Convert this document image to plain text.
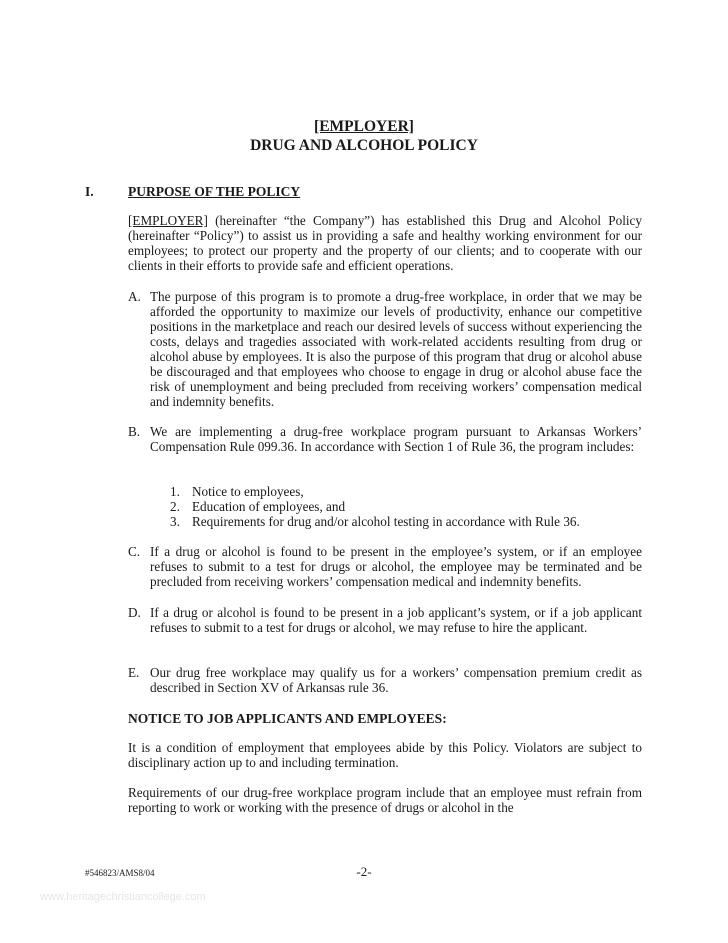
[EMPLOYER]
DRUG AND ALCOHOL POLICY
I.	PURPOSE OF THE POLICY

[EMPLOYER] (hereinafter “the Company”) has established this Drug and Alcohol Policy (hereinafter “Policy”) to assist us in providing a safe and healthy working environment for our employees; to protect our property and the property of our clients; and to cooperate with our clients in their efforts to provide safe and efficient operations.

A. The purpose of this program is to promote a drug-free workplace, in order that we may be afforded the opportunity to maximize our levels of productivity, enhance our competitive positions in the marketplace and reach our desired levels of success without experiencing the costs, delays and tragedies associated with work-related accidents resulting from drug or alcohol abuse by employees. It is also the purpose of this program that drug or alcohol abuse be discouraged and that employees who choose to engage in drug or alcohol abuse face the risk of unemployment and being precluded from receiving workers’ compensation medical and indemnity benefits.

B. We are implementing a drug-free workplace program pursuant to Arkansas Workers’ Compensation Rule 099.36. In accordance with Section 1 of Rule 36, the program includes:

1. Notice to employees,
2. Education of employees, and
3. Requirements for drug and/or alcohol testing in accordance with Rule 36.
C. If a drug or alcohol is found to be present in the employee’s system, or if an employee refuses to submit to a test for drugs or alcohol, the employee may be terminated and be precluded from receiving workers’ compensation medical and indemnity benefits.

D. If a drug or alcohol is found to be present in a job applicant’s system, or if a job applicant refuses to submit to a test for drugs or alcohol, we may refuse to hire the applicant.

E. Our drug free workplace may qualify us for a workers’ compensation premium credit as described in Section XV of Arkansas rule 36.

NOTICE TO JOB APPLICANTS AND EMPLOYEES:

It is a condition of employment that employees abide by this Policy. Violators are subject to disciplinary action up to and including termination.

Requirements of our drug-free workplace program include that an employee must refrain from reporting to work or working with the presence of drugs or alcohol in the

#546823/AMS8/04	-2-
www.heritagechristiancollege.com
